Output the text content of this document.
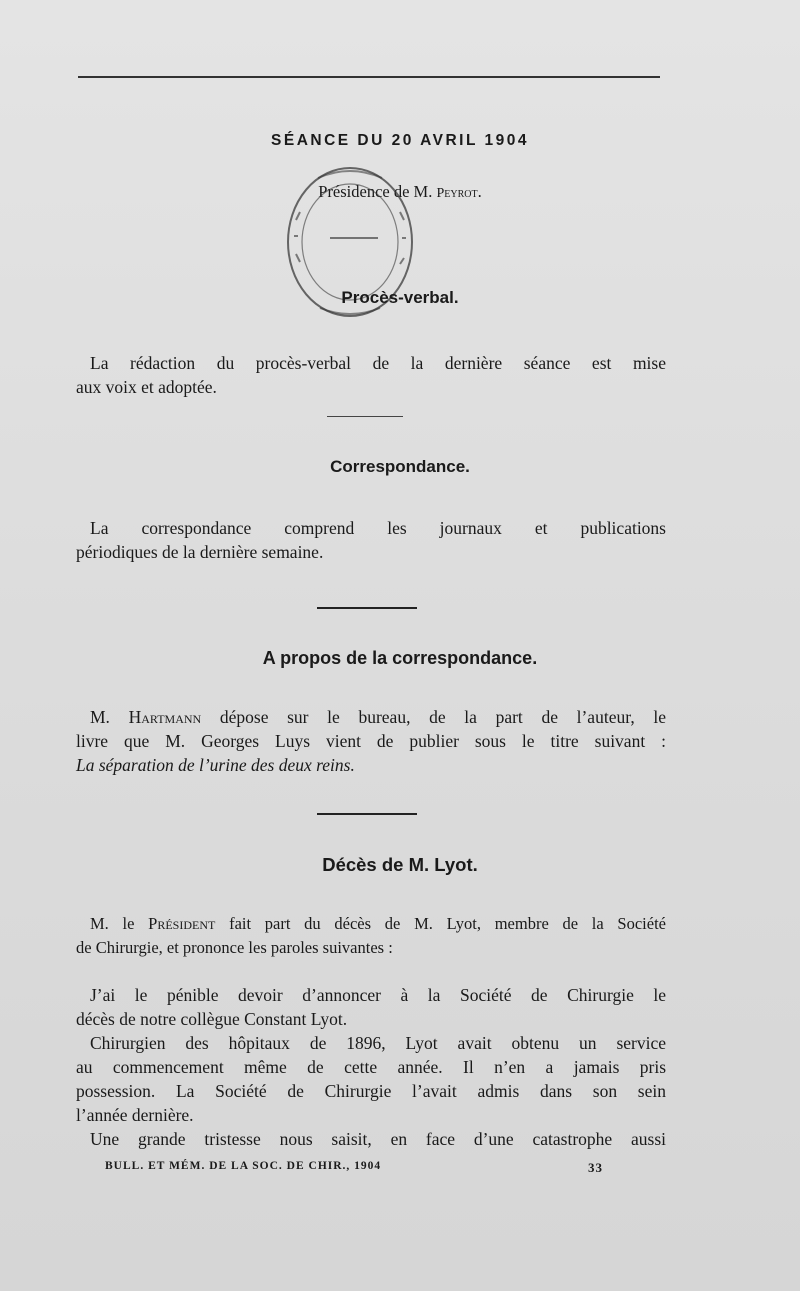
SÉANCE DU 20 AVRIL 1904
Présidence de M. Peyrot.
Procès-verbal.
La rédaction du procès-verbal de la dernière séance est mise
aux voix et adoptée.
Correspondance.
La correspondance comprend les journaux et publications
périodiques de la dernière semaine.
A propos de la correspondance.
M. Hartmann dépose sur le bureau, de la part de l’auteur, le
livre que M. Georges Luys vient de publier sous le titre suivant :
La séparation de l’urine des deux reins.
Décès de M. Lyot.
M. le Président fait part du décès de M. Lyot, membre de la Société
de Chirurgie, et prononce les paroles suivantes :
J’ai le pénible devoir d’annoncer à la Société de Chirurgie le
décès de notre collègue Constant Lyot.
Chirurgien des hôpitaux de 1896, Lyot avait obtenu un service
au commencement même de cette année. Il n’en a jamais pris
possession. La Société de Chirurgie l’avait admis dans son sein
l’année dernière.
Une grande tristesse nous saisit, en face d’une catastrophe aussi
BULL. ET MÉM. DE LA SOC. DE CHIR., 1904	33
